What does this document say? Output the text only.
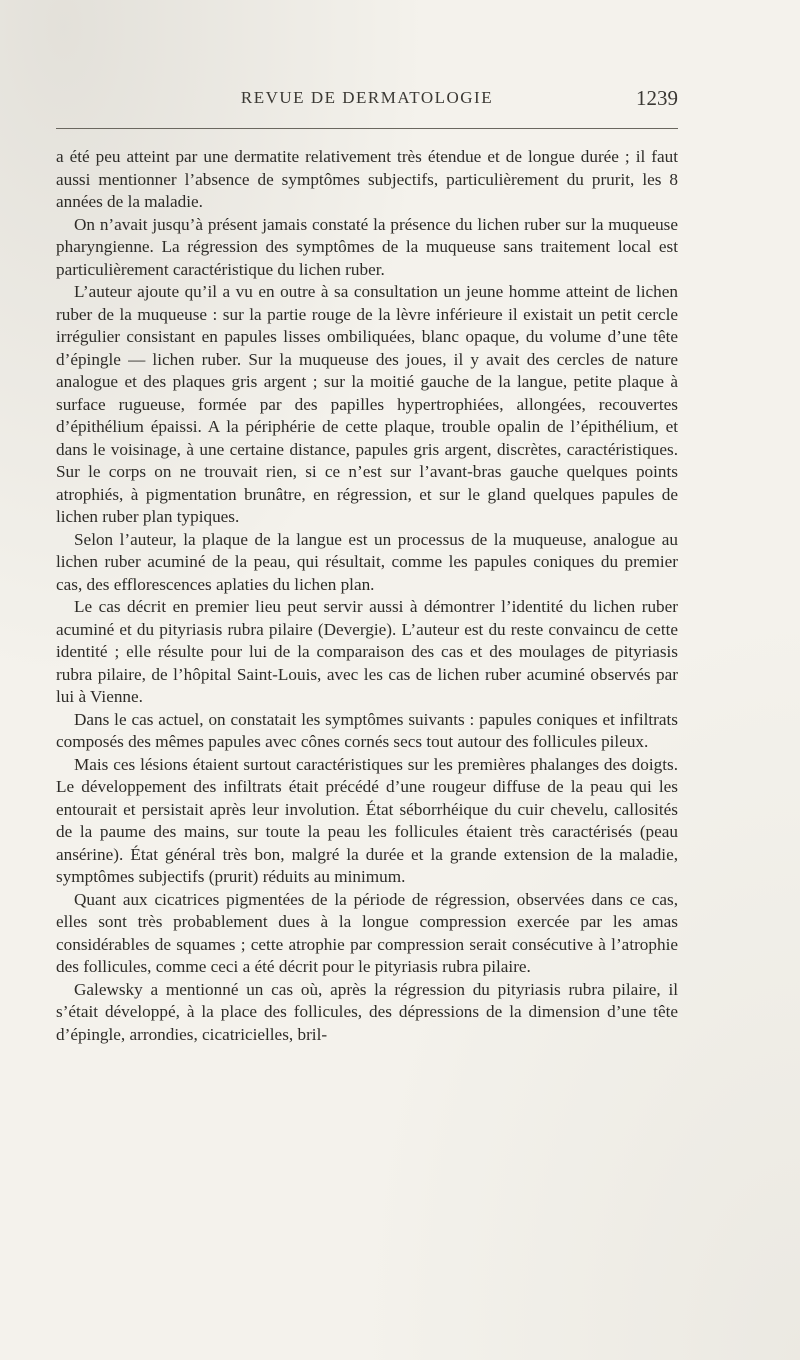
REVUE DE DERMATOLOGIE	1239

a été peu atteint par une dermatite relativement très étendue et de longue durée ; il faut aussi mentionner l’absence de symptômes subjectifs, particulièrement du prurit, les 8 années de la maladie.

On n’avait jusqu’à présent jamais constaté la présence du lichen ruber sur la muqueuse pharyngienne. La régression des symptômes de la muqueuse sans traitement local est particulièrement caractéristique du lichen ruber.

L’auteur ajoute qu’il a vu en outre à sa consultation un jeune homme atteint de lichen ruber de la muqueuse : sur la partie rouge de la lèvre inférieure il existait un petit cercle irrégulier consistant en papules lisses ombiliquées, blanc opaque, du volume d’une tête d’épingle — lichen ruber. Sur la muqueuse des joues, il y avait des cercles de nature analogue et des plaques gris argent ; sur la moitié gauche de la langue, petite plaque à surface rugueuse, formée par des papilles hypertrophiées, allongées, recouvertes d’épithélium épaissi. A la périphérie de cette plaque, trouble opalin de l’épithélium, et dans le voisinage, à une certaine distance, papules gris argent, discrètes, caractéristiques. Sur le corps on ne trouvait rien, si ce n’est sur l’avant-bras gauche quelques points atrophiés, à pigmentation brunâtre, en régression, et sur le gland quelques papules de lichen ruber plan typiques.

Selon l’auteur, la plaque de la langue est un processus de la muqueuse, analogue au lichen ruber acuminé de la peau, qui résultait, comme les papules coniques du premier cas, des efflorescences aplaties du lichen plan.

Le cas décrit en premier lieu peut servir aussi à démontrer l’identité du lichen ruber acuminé et du pityriasis rubra pilaire (Devergie). L’auteur est du reste convaincu de cette identité ; elle résulte pour lui de la comparaison des cas et des moulages de pityriasis rubra pilaire, de l’hôpital Saint-Louis, avec les cas de lichen ruber acuminé observés par lui à Vienne.

Dans le cas actuel, on constatait les symptômes suivants : papules coniques et infiltrats composés des mêmes papules avec cônes cornés secs tout autour des follicules pileux.

Mais ces lésions étaient surtout caractéristiques sur les premières phalanges des doigts. Le développement des infiltrats était précédé d’une rougeur diffuse de la peau qui les entourait et persistait après leur involution. État séborrhéique du cuir chevelu, callosités de la paume des mains, sur toute la peau les follicules étaient très caractérisés (peau ansérine). État général très bon, malgré la durée et la grande extension de la maladie, symptômes subjectifs (prurit) réduits au minimum.

Quant aux cicatrices pigmentées de la période de régression, observées dans ce cas, elles sont très probablement dues à la longue compression exercée par les amas considérables de squames ; cette atrophie par compression serait consécutive à l’atrophie des follicules, comme ceci a été décrit pour le pityriasis rubra pilaire.

Galewsky a mentionné un cas où, après la régression du pityriasis rubra pilaire, il s’était développé, à la place des follicules, des dépressions de la dimension d’une tête d’épingle, arrondies, cicatricielles, bril-
